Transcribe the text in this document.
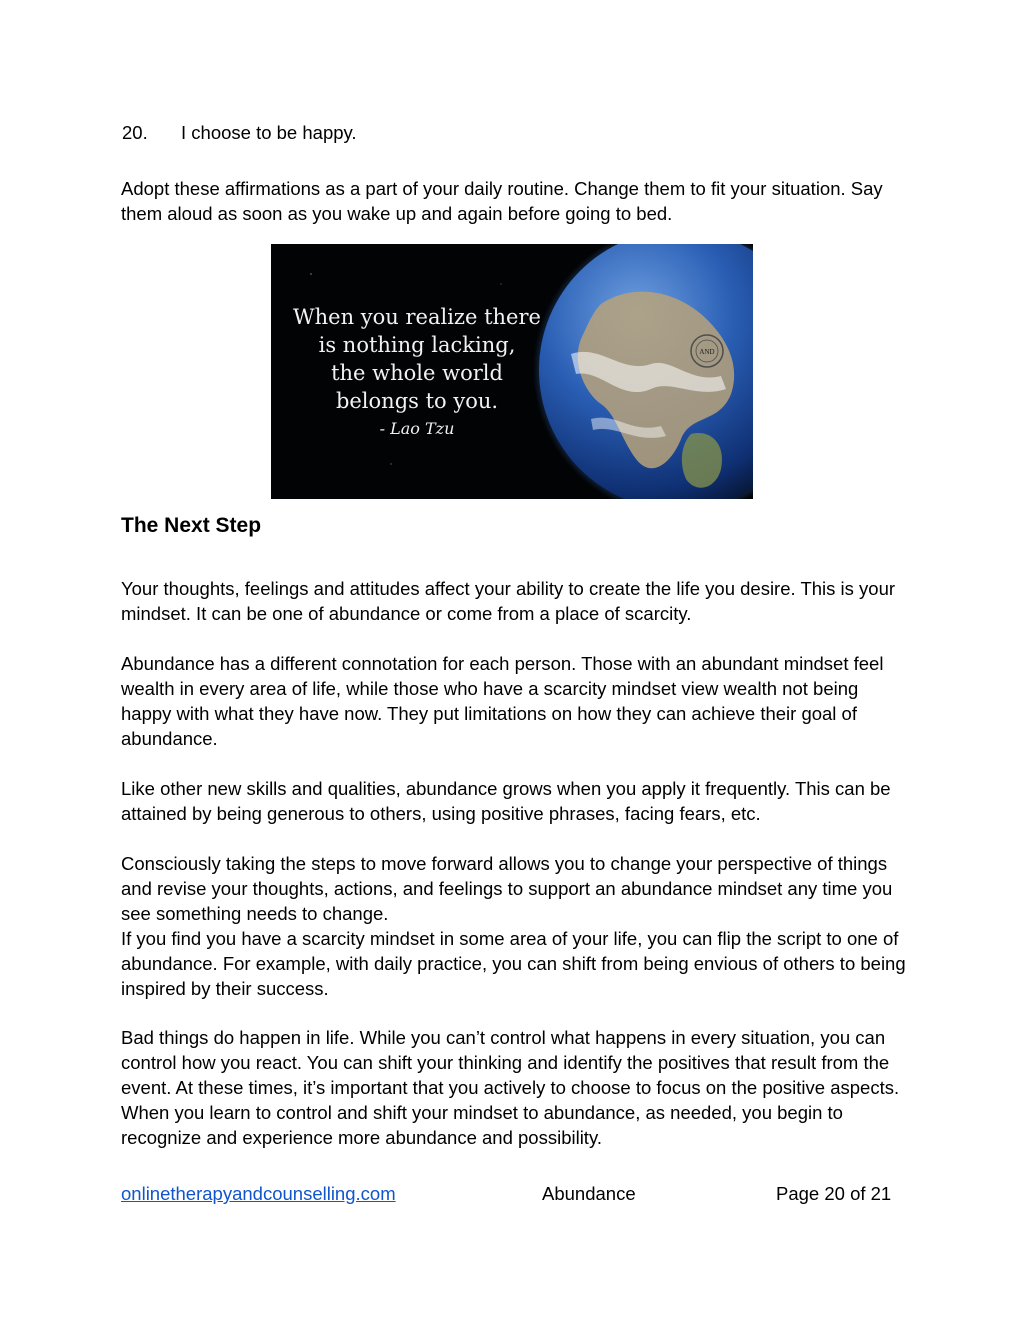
20. I choose to be happy.
Adopt these affirmations as a part of your daily routine. Change them to fit your situation. Say them aloud as soon as you wake up and again before going to bed.
AND
When you realize there
is nothing lacking,
the whole world
belongs to you.
- Lao Tzu
The Next Step
Your thoughts, feelings and attitudes affect your ability to create the life you desire. This is your mindset. It can be one of abundance or come from a place of scarcity.
Abundance has a different connotation for each person. Those with an abundant mindset feel wealth in every area of life, while those who have a scarcity mindset view wealth not being happy with what they have now. They put limitations on how they can achieve their goal of abundance.
Like other new skills and qualities, abundance grows when you apply it frequently. This can be attained by being generous to others, using positive phrases, facing fears, etc.
Consciously taking the steps to move forward allows you to change your perspective of things and revise your thoughts, actions, and feelings to support an abundance mindset any time you see something needs to change.
If you find you have a scarcity mindset in some area of your life, you can flip the script to one of abundance. For example, with daily practice, you can shift from being envious of others to being inspired by their success.
Bad things do happen in life. While you can’t control what happens in every situation, you can control how you react. You can shift your thinking and identify the positives that result from the event. At these times, it’s important that you actively to choose to focus on the positive aspects. When you learn to control and shift your mindset to abundance, as needed, you begin to recognize and experience more abundance and possibility.
onlinetherapyandcounselling.com	Abundance	Page 20 of 21
